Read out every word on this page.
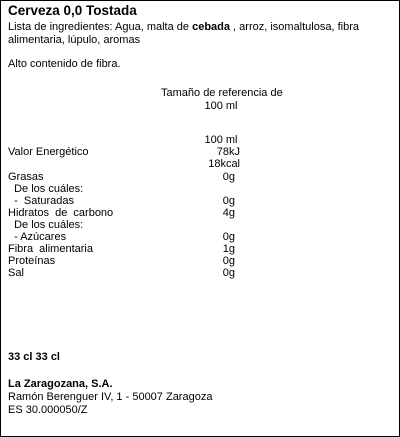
Cerveza 0,0 Tostada
Lista de ingredientes: Agua, malta de cebada , arroz, isomaltulosa, fibra alimentaria, lúpulo, aromas
Alto contenido de fibra.
Tamaño de referencia de
100 ml
100 ml
Valor Energético	78kJ
18kcal
Grasas	0g
De los cuáles:
-  Saturadas	0g
Hidratos  de  carbono	4g
De los cuáles:
- Azúcares	0g
Fibra  alimentaria	1g
Proteínas	0g
Sal	0g
33 cl 33 cl
La Zaragozana, S.A.
Ramón Berenguer IV, 1 - 50007 Zaragoza
ES 30.000050/Z
